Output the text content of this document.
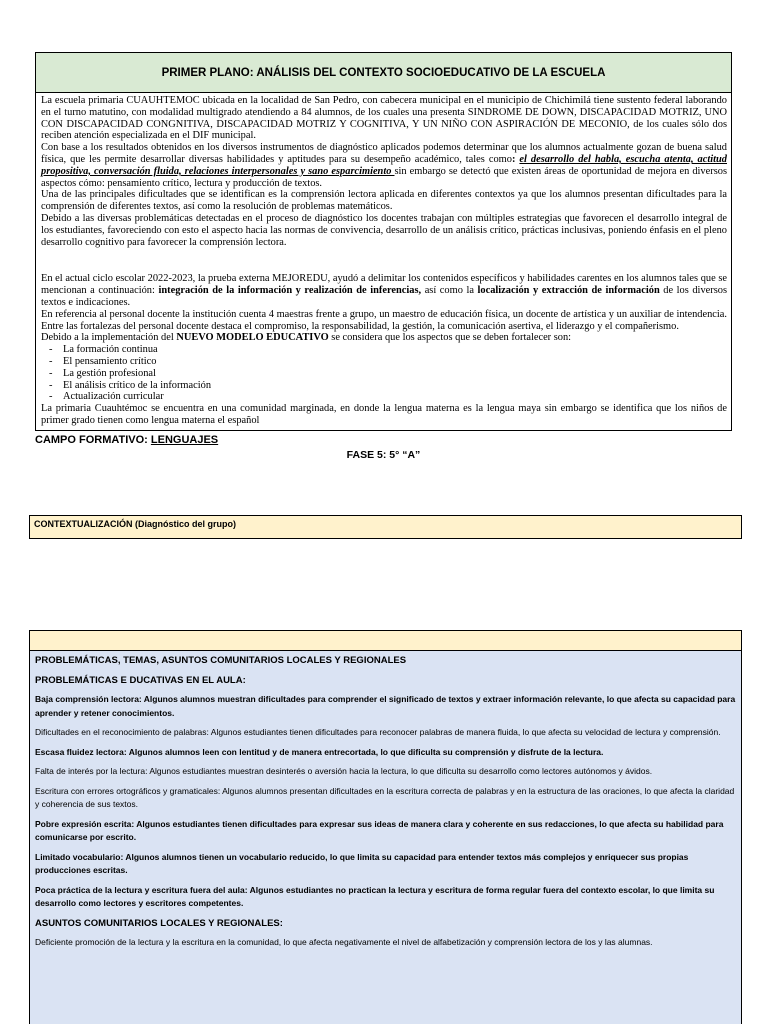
PRIMER PLANO: ANÁLISIS DEL CONTEXTO SOCIOEDUCATIVO DE LA ESCUELA

La escuela primaria CUAUHTEMOC ubicada en la localidad de San Pedro, con cabecera municipal en el municipio de Chichimilá tiene sustento federal laborando en el turno matutino, con modalidad multigrado atendiendo a 84 alumnos, de los cuales una presenta SINDROME DE DOWN, DISCAPACIDAD MOTRIZ, UNO CON DISCAPACIDAD CONGNITIVA, DISCAPACIDAD MOTRIZ Y COGNITIVA, Y UN NIÑO CON ASPIRACIÓN DE MECONIO, de los cuales sólo dos reciben atención especializada en el DIF municipal.

Con base a los resultados obtenidos en los diversos instrumentos de diagnóstico aplicados podemos determinar que los alumnos actualmente gozan de buena salud física, que les permite desarrollar diversas habilidades y aptitudes para su desempeño académico, tales como: el desarrollo del habla, escucha atenta, actitud propositiva, conversación fluida, relaciones interpersonales y sano esparcimiento sin embargo se detectó que existen áreas de oportunidad de mejora en diversos aspectos cómo: pensamiento crítico, lectura y producción de textos.

Una de las principales dificultades que se identifican es la comprensión lectora aplicada en diferentes contextos ya que los alumnos presentan dificultades para la comprensión de diferentes textos, así como la resolución de problemas matemáticos.

Debido a las diversas problemáticas detectadas en el proceso de diagnóstico los docentes trabajan con múltiples estrategias que favorecen el desarrollo integral de los estudiantes, favoreciendo con esto el aspecto hacia las normas de convivencia, desarrollo de un análisis crítico, prácticas inclusivas, poniendo énfasis en el pleno desarrollo cognitivo para favorecer la comprensión lectora.

En el actual ciclo escolar 2022-2023, la prueba externa MEJOREDU, ayudó a delimitar los contenidos específicos y habilidades carentes en los alumnos tales que se mencionan a continuación: integración de la información y realización de inferencias, así como la localización y extracción de información de los diversos textos e indicaciones.

En referencia al personal docente la institución cuenta 4 maestras frente a grupo, un maestro de educación física, un docente de artística y un auxiliar de intendencia. Entre las fortalezas del personal docente destaca el compromiso, la responsabilidad, la gestión, la comunicación asertiva, el liderazgo y el compañerismo.

Debido a la implementación del NUEVO MODELO EDUCATIVO se considera que los aspectos que se deben fortalecer son:

- La formación continua
- El pensamiento crítico
- La gestión profesional
- El análisis crítico de la información
- Actualización curricular

La primaria Cuauhtémoc se encuentra en una comunidad marginada, en donde la lengua materna es la lengua maya sin embargo se identifica que los niños de primer grado tienen como lengua materna el español

CAMPO FORMATIVO: LENGUAJES
FASE 5: 5° “A”
CONTEXTUALIZACIÓN (Diagnóstico del grupo)

PROBLEMÁTICAS, TEMAS, ASUNTOS COMUNITARIOS LOCALES Y REGIONALES

PROBLEMÁTICAS E DUCATIVAS EN EL AULA:

Baja comprensión lectora: Algunos alumnos muestran dificultades para comprender el significado de textos y extraer información relevante, lo que afecta su capacidad para aprender y retener conocimientos.

Dificultades en el reconocimiento de palabras: Algunos estudiantes tienen dificultades para reconocer palabras de manera fluida, lo que afecta su velocidad de lectura y comprensión.

Escasa fluidez lectora: Algunos alumnos leen con lentitud y de manera entrecortada, lo que dificulta su comprensión y disfrute de la lectura.

Falta de interés por la lectura: Algunos estudiantes muestran desinterés o aversión hacia la lectura, lo que dificulta su desarrollo como lectores autónomos y ávidos.

Escritura con errores ortográficos y gramaticales: Algunos alumnos presentan dificultades en la escritura correcta de palabras y en la estructura de las oraciones, lo que afecta la claridad y coherencia de sus textos.

Pobre expresión escrita: Algunos estudiantes tienen dificultades para expresar sus ideas de manera clara y coherente en sus redacciones, lo que afecta su habilidad para comunicarse por escrito.

Limitado vocabulario: Algunos alumnos tienen un vocabulario reducido, lo que limita su capacidad para entender textos más complejos y enriquecer sus propias producciones escritas.

Poca práctica de la lectura y escritura fuera del aula: Algunos estudiantes no practican la lectura y escritura de forma regular fuera del contexto escolar, lo que limita su desarrollo como lectores y escritores competentes.

ASUNTOS COMUNITARIOS LOCALES Y REGIONALES:

Deficiente promoción de la lectura y la escritura en la comunidad, lo que afecta negativamente el nivel de alfabetización y comprensión lectora de los y las alumnas.
